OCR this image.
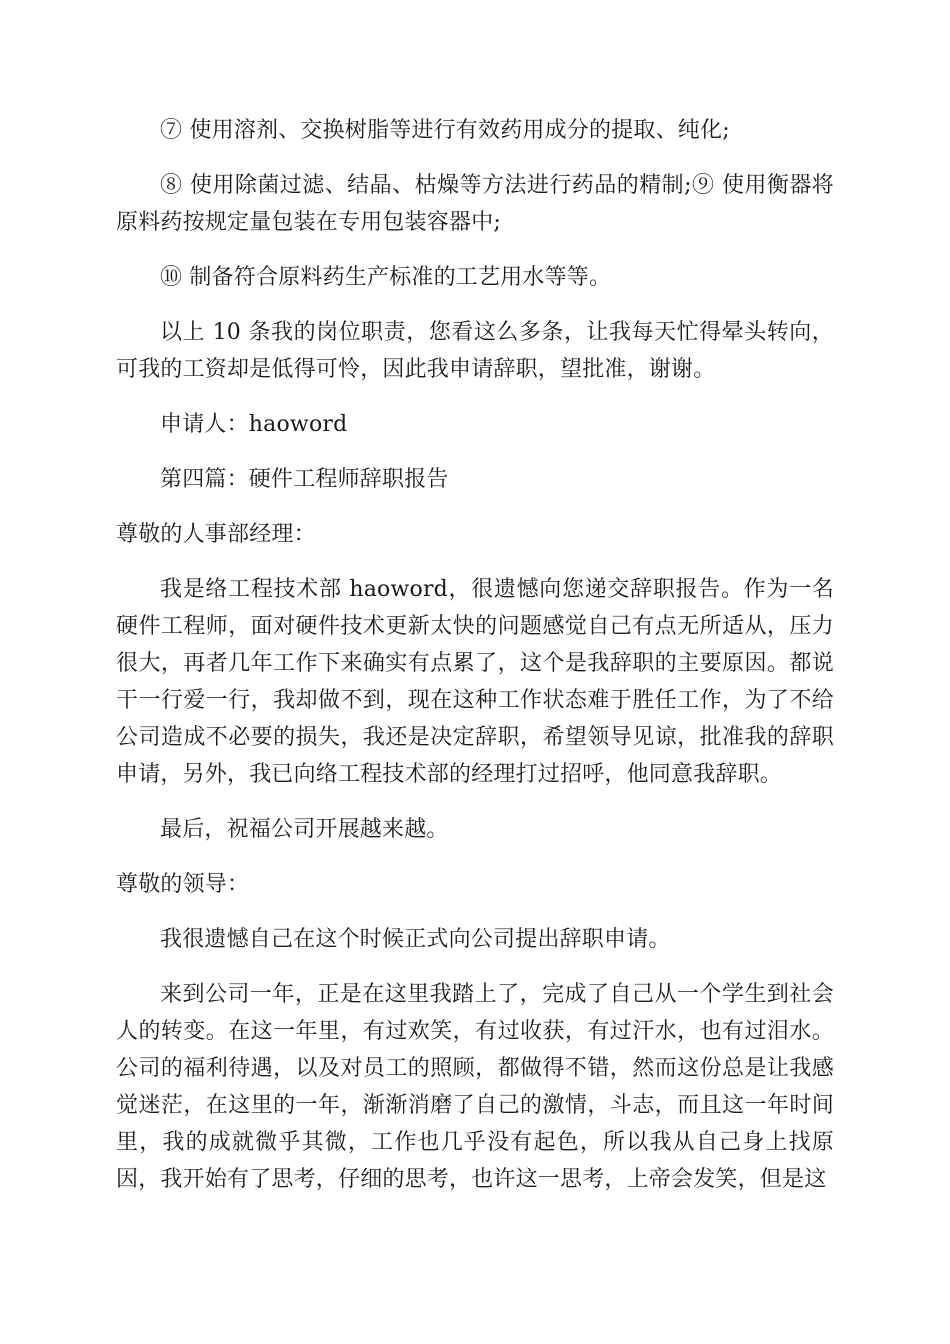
⑦ 使用溶剂、交换树脂等进行有效药用成分的提取、纯化;

⑧ 使用除菌过滤、结晶、枯燥等方法进行药品的精制;⑨ 使用衡器将原料药按规定量包装在专用包装容器中;

⑩ 制备符合原料药生产标准的工艺用水等等。

以上 10 条我的岗位职责，您看这么多条，让我每天忙得晕头转向，可我的工资却是低得可怜，因此我申请辞职，望批准，谢谢。

申请人：haoword

第四篇：硬件工程师辞职报告

尊敬的人事部经理：

我是络工程技术部 haoword，很遗憾向您递交辞职报告。作为一名硬件工程师，面对硬件技术更新太快的问题感觉自己有点无所适从，压力很大，再者几年工作下来确实有点累了，这个是我辞职的主要原因。都说干一行爱一行，我却做不到，现在这种工作状态难于胜任工作，为了不给公司造成不必要的损失，我还是决定辞职，希望领导见谅，批准我的辞职申请，另外，我已向络工程技术部的经理打过招呼，他同意我辞职。

最后，祝福公司开展越来越。

尊敬的领导：

我很遗憾自己在这个时候正式向公司提出辞职申请。

来到公司一年，正是在这里我踏上了，完成了自己从一个学生到社会人的转变。在这一年里，有过欢笑，有过收获，有过汗水，也有过泪水。公司的福利待遇，以及对员工的照顾，都做得不错，然而这份总是让我感觉迷茫，在这里的一年，渐渐消磨了自己的激情，斗志，而且这一年时间里，我的成就微乎其微，工作也几乎没有起色，所以我从自己身上找原因，我开始有了思考，仔细的思考，也许这一思考，上帝会发笑，但是这
